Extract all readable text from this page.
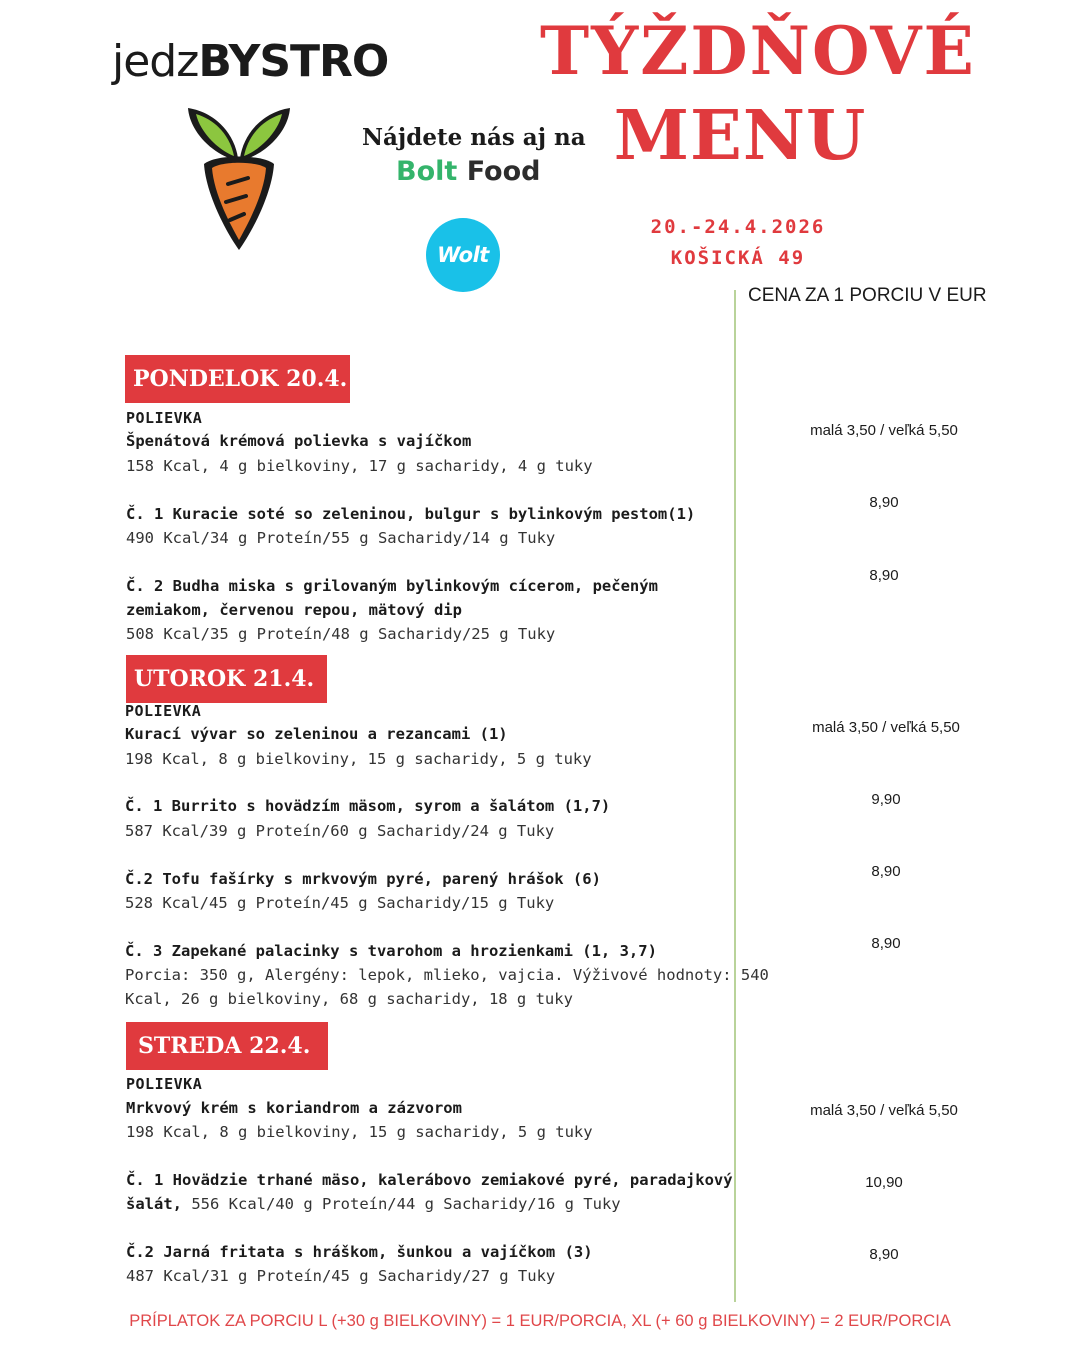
jedzBYSTRO
Nájdete nás aj na
Bolt Food
Wolt
TÝŽDŇOVÉ
MENU
20.-24.4.2026
KOŠICKÁ 49
CENA ZA 1 PORCIU V EUR
PONDELOK 20.4.
POLIEVKA
Špenátová krémová polievka s vajíčkom
158 Kcal, 4 g bielkoviny, 17 g sacharidy, 4 g tuky
malá 3,50 / veľká 5,50
Č. 1 Kuracie soté so zeleninou, bulgur s bylinkovým pestom(1)
490 Kcal/34 g Proteín/55 g Sacharidy/14 g Tuky
8,90
Č. 2 Budha miska s grilovaným bylinkovým cícerom, pečeným
zemiakom, červenou repou, mätový dip
508 Kcal/35 g Proteín/48 g Sacharidy/25 g Tuky
8,90
UTOROK 21.4.
POLIEVKA
Kurací vývar so zeleninou a rezancami (1)
198 Kcal, 8 g bielkoviny, 15 g sacharidy, 5 g tuky
malá 3,50 / veľká 5,50
Č. 1 Burrito s hovädzím mäsom, syrom a šalátom (1,7)
587 Kcal/39 g Proteín/60 g Sacharidy/24 g Tuky
9,90
Č.2 Tofu fašírky s mrkvovým pyré, parený hrášok (6)
528 Kcal/45 g Proteín/45 g Sacharidy/15 g Tuky
8,90
Č. 3 Zapekané palacinky s tvarohom a hrozienkami (1, 3,7)
Porcia: 350 g, Alergény: lepok, mlieko, vajcia. Výživové hodnoty: 540
Kcal, 26 g bielkoviny, 68 g sacharidy, 18 g tuky
8,90
STREDA 22.4.
POLIEVKA
Mrkvový krém s koriandrom a zázvorom
198 Kcal, 8 g bielkoviny, 15 g sacharidy, 5 g tuky
malá 3,50 / veľká 5,50
Č. 1 Hovädzie trhané mäso, kalerábovo zemiakové pyré, paradajkový
šalát, 556 Kcal/40 g Proteín/44 g Sacharidy/16 g Tuky
10,90
Č.2 Jarná fritata s hráškom, šunkou a vajíčkom (3)
487 Kcal/31 g Proteín/45 g Sacharidy/27 g Tuky
8,90
PRÍPLATOK ZA PORCIU L (+30 g BIELKOVINY) = 1 EUR/PORCIA, XL (+ 60 g BIELKOVINY) = 2 EUR/PORCIA
